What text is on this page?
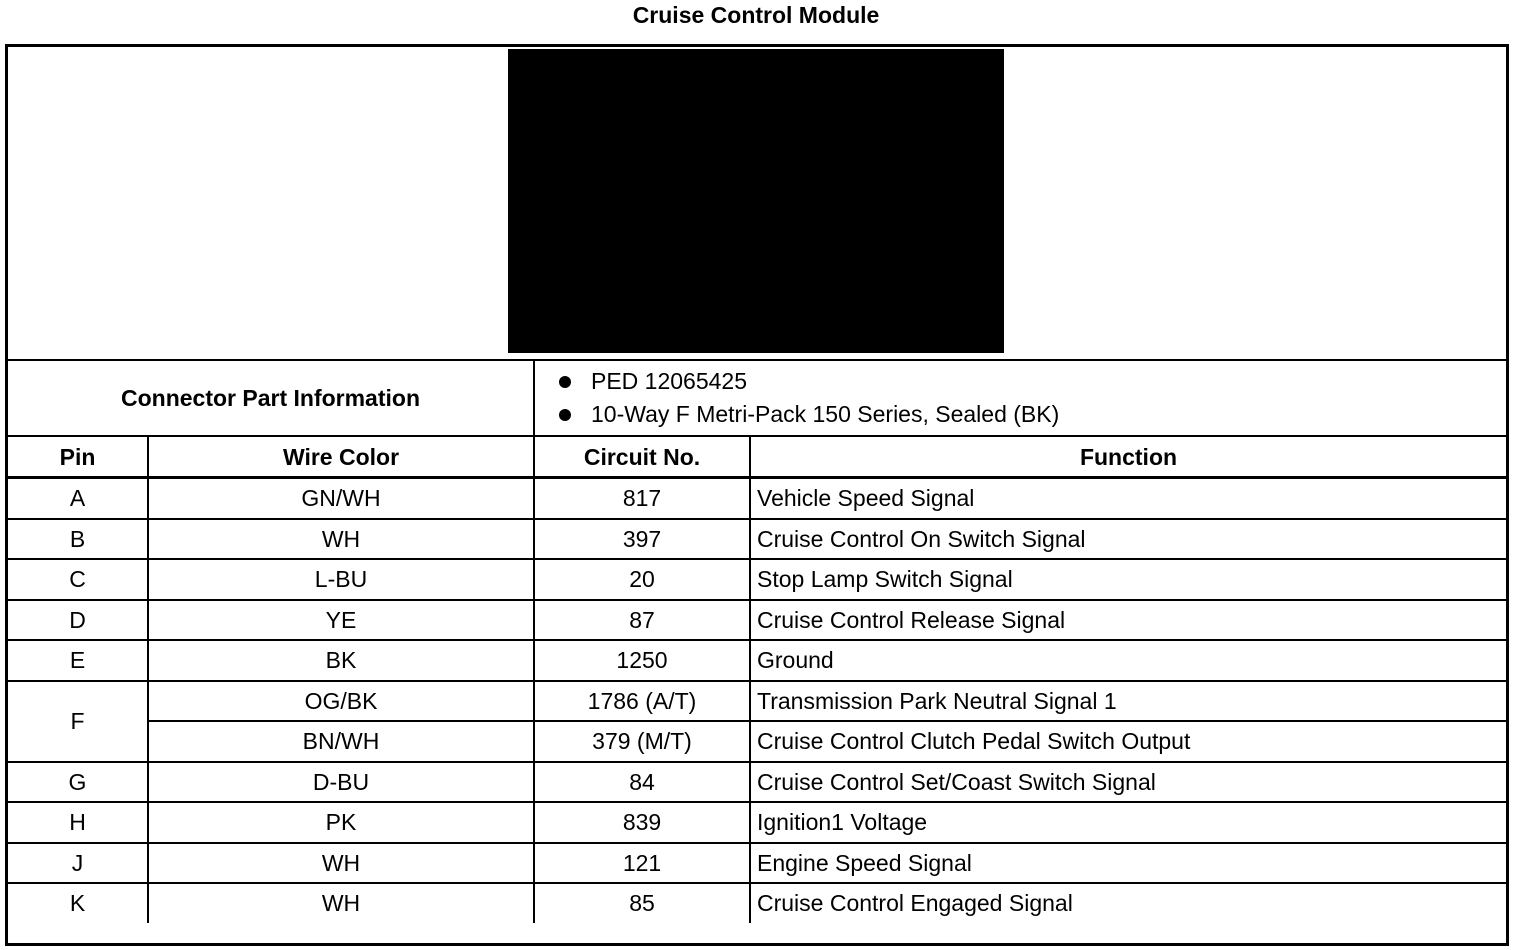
Cruise Control Module
Connector Part Information
PED 12065425
10-Way F Metri-Pack 150 Series, Sealed (BK)
Pin	Wire Color	Circuit No.	Function
A	GN/WH	817	Vehicle Speed Signal
B	WH	397	Cruise Control On Switch Signal
C	L-BU	20	Stop Lamp Switch Signal
D	YE	87	Cruise Control Release Signal
E	BK	1250	Ground
F	OG/BK	1786 (A/T)	Transmission Park Neutral Signal 1
	BN/WH	379 (M/T)	Cruise Control Clutch Pedal Switch Output
G	D-BU	84	Cruise Control Set/Coast Switch Signal
H	PK	839	Ignition1 Voltage
J	WH	121	Engine Speed Signal
K	WH	85	Cruise Control Engaged Signal
